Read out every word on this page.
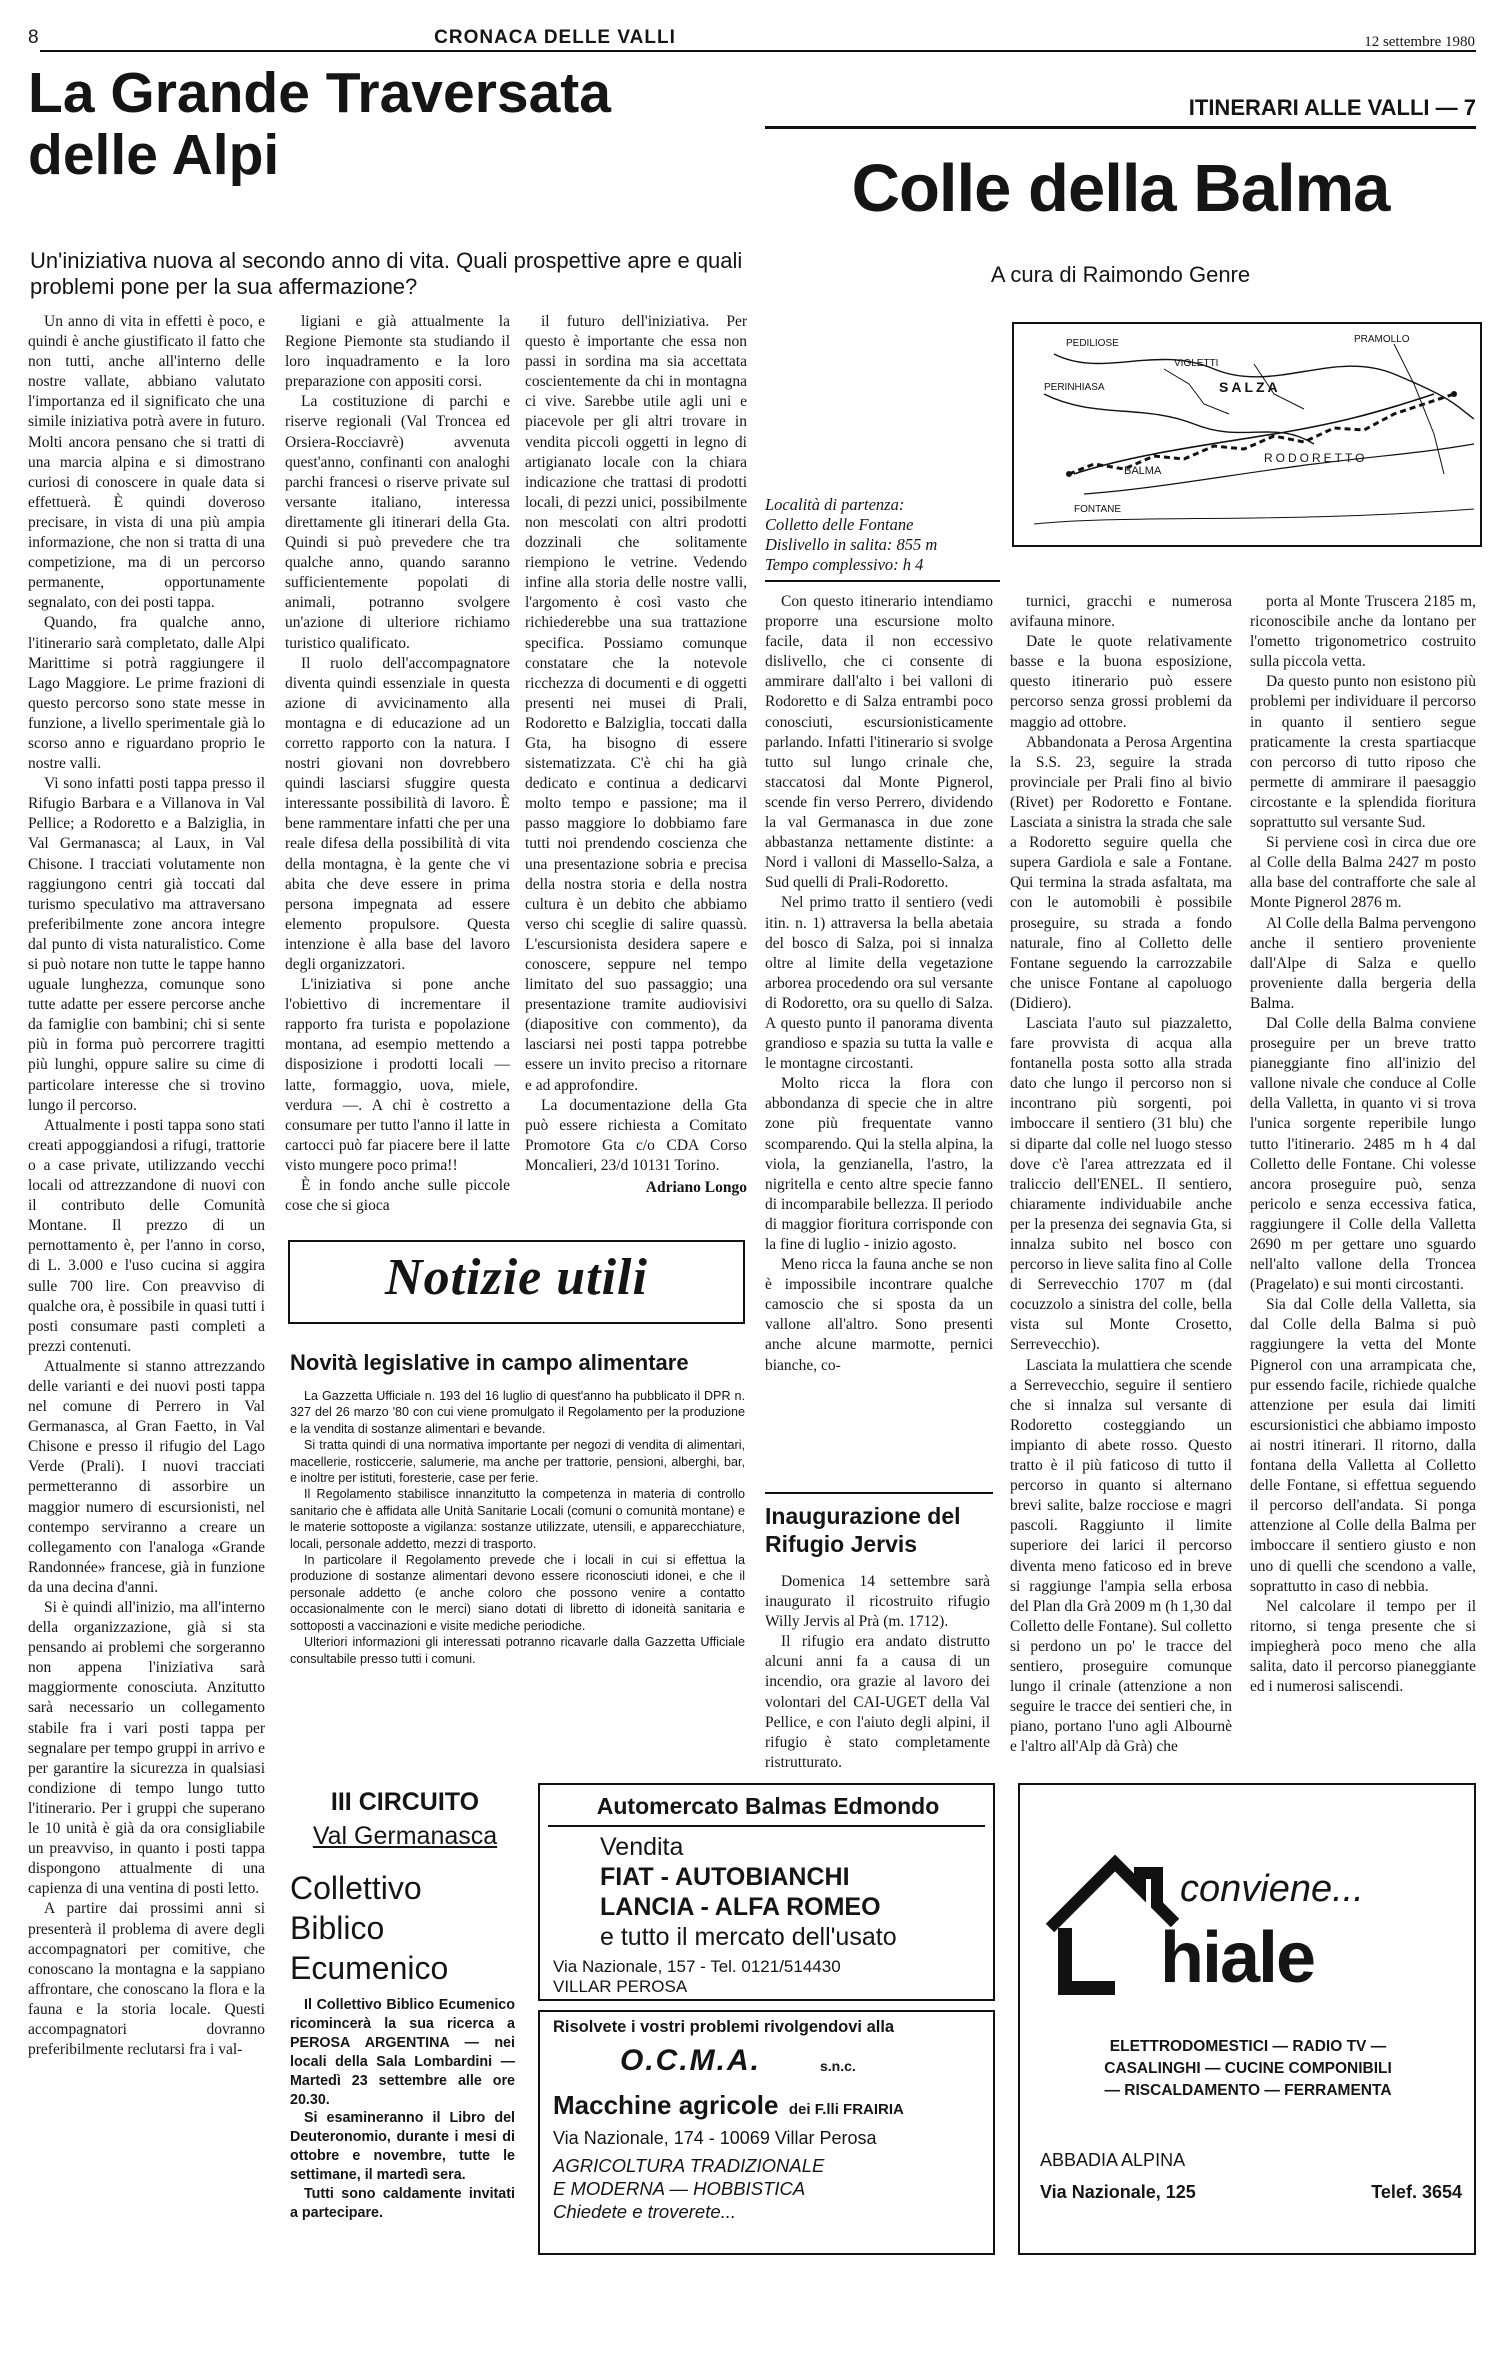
8	CRONACA DELLE VALLI	12 settembre 1980
La Grande Traversata
delle Alpi
Un'iniziativa nuova al secondo anno di vita. Quali prospettive apre e quali problemi pone per la sua affermazione?

Un anno di vita in effetti è poco, e quindi è anche giustificato il fatto che non tutti, anche all'interno delle nostre vallate, abbiano valutato l'importanza ed il significato che una simile iniziativa potrà avere in futuro. Molti ancora pensano che si tratti di una marcia alpina e si dimostrano curiosi di conoscere in quale data si effettuerà. È quindi doveroso precisare, in vista di una più ampia informazione, che non si tratta di una competizione, ma di un percorso permanente, opportunamente segnalato, con dei posti tappa.

Quando, fra qualche anno, l'itinerario sarà completato, dalle Alpi Marittime si potrà raggiungere il Lago Maggiore. Le prime frazioni di questo percorso sono state messe in funzione, a livello sperimentale già lo scorso anno e riguardano proprio le nostre valli.

Vi sono infatti posti tappa presso il Rifugio Barbara e a Villanova in Val Pellice; a Rodoretto e a Balziglia, in Val Germanasca; al Laux, in Val Chisone. I tracciati volutamente non raggiungono centri già toccati dal turismo speculativo ma attraversano preferibilmente zone ancora integre dal punto di vista naturalistico. Come si può notare non tutte le tappe hanno uguale lunghezza, comunque sono tutte adatte per essere percorse anche da famiglie con bambini; chi si sente più in forma può percorrere tragitti più lunghi, oppure salire su cime di particolare interesse che si trovino lungo il percorso.

Attualmente i posti tappa sono stati creati appoggiandosi a rifugi, trattorie o a case private, utilizzando vecchi locali od attrezzandone di nuovi con il contributo delle Comunità Montane. Il prezzo di un pernottamento è, per l'anno in corso, di L. 3.000 e l'uso cucina si aggira sulle 700 lire. Con preavviso di qualche ora, è possibile in quasi tutti i posti consumare pasti completi a prezzi contenuti.

Attualmente si stanno attrezzando delle varianti e dei nuovi posti tappa nel comune di Perrero in Val Germanasca, al Gran Faetto, in Val Chisone e presso il rifugio del Lago Verde (Prali). I nuovi tracciati permetteranno di assorbire un maggior numero di escursionisti, nel contempo serviranno a creare un collegamento con l'analoga «Grande Randonnée» francese, già in funzione da una decina d'anni.

Si è quindi all'inizio, ma all'interno della organizzazione, già si sta pensando ai problemi che sorgeranno non appena l'iniziativa sarà maggiormente conosciuta. Anzitutto sarà necessario un collegamento stabile fra i vari posti tappa per segnalare per tempo gruppi in arrivo e per garantire la sicurezza in qualsiasi condizione di tempo lungo tutto l'itinerario. Per i gruppi che superano le 10 unità è già da ora consigliabile un preavviso, in quanto i posti tappa dispongono attualmente di una capienza di una ventina di posti letto.

A partire dai prossimi anni si presenterà il problema di avere degli accompagnatori per comitive, che conoscano la montagna e la sappiano affrontare, che conoscano la flora e la fauna e la storia locale. Questi accompagnatori dovranno preferibilmente reclutarsi fra i val-

ligiani e già attualmente la Regione Piemonte sta studiando il loro inquadramento e la loro preparazione con appositi corsi.

La costituzione di parchi e riserve regionali (Val Troncea ed Orsiera-Rocciavrè) avvenuta quest'anno, confinanti con analoghi parchi francesi o riserve private sul versante italiano, interessa direttamente gli itinerari della Gta. Quindi si può prevedere che tra qualche anno, quando saranno sufficientemente popolati di animali, potranno svolgere un'azione di ulteriore richiamo turistico qualificato.

Il ruolo dell'accompagnatore diventa quindi essenziale in questa azione di avvicinamento alla montagna e di educazione ad un corretto rapporto con la natura. I nostri giovani non dovrebbero quindi lasciarsi sfuggire questa interessante possibilità di lavoro. È bene rammentare infatti che per una reale difesa della possibilità di vita della montagna, è la gente che vi abita che deve essere in prima persona impegnata ad essere elemento propulsore. Questa intenzione è alla base del lavoro degli organizzatori.

L'iniziativa si pone anche l'obiettivo di incrementare il rapporto fra turista e popolazione montana, ad esempio mettendo a disposizione i prodotti locali — latte, formaggio, uova, miele, verdura —. A chi è costretto a consumare per tutto l'anno il latte in cartocci può far piacere bere il latte visto mungere poco prima!!

È in fondo anche sulle piccole cose che si gioca

il futuro dell'iniziativa. Per questo è importante che essa non passi in sordina ma sia accettata coscientemente da chi in montagna ci vive. Sarebbe utile agli uni e piacevole per gli altri trovare in vendita piccoli oggetti in legno di artigianato locale con la chiara indicazione che trattasi di prodotti locali, di pezzi unici, possibilmente non mescolati con altri prodotti dozzinali che solitamente riempiono le vetrine. Vedendo infine alla storia delle nostre valli, l'argomento è così vasto che richiederebbe una sua trattazione specifica. Possiamo comunque constatare che la notevole ricchezza di documenti e di oggetti presenti nei musei di Prali, Rodoretto e Balziglia, toccati dalla Gta, ha bisogno di essere sistematizzata. C'è chi ha già dedicato e continua a dedicarvi molto tempo e passione; ma il passo maggiore lo dobbiamo fare tutti noi prendendo coscienza che una presentazione sobria e precisa della nostra storia e della nostra cultura è un debito che abbiamo verso chi sceglie di salire quassù. L'escursionista desidera sapere e conoscere, seppure nel tempo limitato del suo passaggio; una presentazione tramite audiovisivi (diapositive con commento), da lasciarsi nei posti tappa potrebbe essere un invito preciso a ritornare e ad approfondire.

La documentazione della Gta può essere richiesta a Comitato Promotore Gta c/o CDA Corso Moncalieri, 23/d 10131 Torino.

Adriano Longo
Notizie utili
Novità legislative in campo alimentare

La Gazzetta Ufficiale n. 193 del 16 luglio di quest'anno ha pubblicato il DPR n. 327 del 26 marzo '80 con cui viene promulgato il Regolamento per la produzione e la vendita di sostanze alimentari e bevande.

Si tratta quindi di una normativa importante per negozi di vendita di alimentari, macellerie, rosticcerie, salumerie, ma anche per trattorie, pensioni, alberghi, bar, e inoltre per istituti, foresterie, case per ferie.

Il Regolamento stabilisce innanzitutto la competenza in materia di controllo sanitario che è affidata alle Unità Sanitarie Locali (comuni o comunità montane) e le materie sottoposte a vigilanza: sostanze utilizzate, utensili, e apparecchiature, locali, personale addetto, mezzi di trasporto.

In particolare il Regolamento prevede che i locali in cui si effettua la produzione di sostanze alimentari devono essere riconosciuti idonei, e che il personale addetto (e anche coloro che possono venire a contatto occasionalmente con le merci) siano dotati di libretto di idoneità sanitaria e sottoposti a vaccinazioni e visite mediche periodiche.

Ulteriori informazioni gli interessati potranno ricavarle dalla Gazzetta Ufficiale consultabile presso tutti i comuni.

III CIRCUITO
Val Germanasca
Collettivo
Biblico
Ecumenico

Il Collettivo Biblico Ecumenico ricomincerà la sua ricerca a PEROSA ARGENTINA — nei locali della Sala Lombardini — Martedì 23 settembre alle ore 20.30.

Si esamineranno il Libro del Deuteronomio, durante i mesi di ottobre e novembre, tutte le settimane, il martedì sera.

Tutti sono caldamente invitati a partecipare.

Automercato Balmas Edmondo
Vendita
FIAT - AUTOBIANCHI
LANCIA - ALFA ROMEO
e tutto il mercato dell'usato
Via Nazionale, 157 - Tel. 0121/514430
VILLAR PEROSA
Risolvete i vostri problemi rivolgendovi alla
O.C.M.A.	s.n.c.
Macchine agricole dei F.lli FRAIRIA
Via Nazionale, 174 - 10069 Villar Perosa
AGRICOLTURA TRADIZIONALE
E MODERNA — HOBBISTICA
Chiedete e troverete...
ITINERARI ALLE VALLI — 7
Colle della Balma
A cura di Raimondo Genre
PEDILIOSE
PERINHIASA
VIGLETTI
SALZA
RODORETTO
BALMA
FONTANE
PRAMOLLO
Località di partenza:
Colletto delle Fontane
Dislivello in salita: 855 m
Tempo complessivo: h 4

Con questo itinerario intendiamo proporre una escursione molto facile, data il non eccessivo dislivello, che ci consente di ammirare dall'alto i bei valloni di Rodoretto e di Salza entrambi poco conosciuti, escursionisticamente parlando. Infatti l'itinerario si svolge tutto sul lungo crinale che, staccatosi dal Monte Pignerol, scende fin verso Perrero, dividendo la val Germanasca in due zone abbastanza nettamente distinte: a Nord i valloni di Massello-Salza, a Sud quelli di Prali-Rodoretto.

Nel primo tratto il sentiero (vedi itin. n. 1) attraversa la bella abetaia del bosco di Salza, poi si innalza oltre al limite della vegetazione arborea procedendo ora sul versante di Rodoretto, ora su quello di Salza. A questo punto il panorama diventa grandioso e spazia su tutta la valle e le montagne circostanti.

Molto ricca la flora con abbondanza di specie che in altre zone più frequentate vanno scomparendo. Qui la stella alpina, la viola, la genzianella, l'astro, la nigritella e cento altre specie fanno di incomparabile bellezza. Il periodo di maggior fioritura corrisponde con la fine di luglio - inizio agosto.

Meno ricca la fauna anche se non è impossibile incontrare qualche camoscio che si sposta da un vallone all'altro. Sono presenti anche alcune marmotte, pernici bianche, co-

turnici, gracchi e numerosa avifauna minore.

Date le quote relativamente basse e la buona esposizione, questo itinerario può essere percorso senza grossi problemi da maggio ad ottobre.

Abbandonata a Perosa Argentina la S.S. 23, seguire la strada provinciale per Prali fino al bivio (Rivet) per Rodoretto e Fontane. Lasciata a sinistra la strada che sale a Rodoretto seguire quella che supera Gardiola e sale a Fontane. Qui termina la strada asfaltata, ma con le automobili è possibile proseguire, su strada a fondo naturale, fino al Colletto delle Fontane seguendo la carrozzabile che unisce Fontane al capoluogo (Didiero).

Lasciata l'auto sul piazzaletto, fare provvista di acqua alla fontanella posta sotto alla strada dato che lungo il percorso non si incontrano più sorgenti, poi imboccare il sentiero (31 blu) che si diparte dal colle nel luogo stesso dove c'è l'area attrezzata ed il traliccio dell'ENEL. Il sentiero, chiaramente individuabile anche per la presenza dei segnavia Gta, si innalza subito nel bosco con percorso in lieve salita fino al Colle di Serrevecchio 1707 m (dal cocuzzolo a sinistra del colle, bella vista sul Monte Crosetto, Serrevecchio).

Lasciata la mulattiera che scende a Serrevecchio, seguire il sentiero che si innalza sul versante di Rodoretto costeggiando un impianto di abete rosso. Questo tratto è il più faticoso di tutto il percorso in quanto si alternano brevi salite, balze rocciose e magri pascoli. Raggiunto il limite superiore dei larici il percorso diventa meno faticoso ed in breve si raggiunge l'ampia sella erbosa del Plan dla Grà 2009 m (h 1,30 dal Colletto delle Fontane). Sul colletto si perdono un po' le tracce del sentiero, proseguire comunque lungo il crinale (attenzione a non seguire le tracce dei sentieri che, in piano, portano l'uno agli Albournè e l'altro all'Alp dà Grà) che

porta al Monte Truscera 2185 m, riconoscibile anche da lontano per l'ometto trigonometrico costruito sulla piccola vetta.

Da questo punto non esistono più problemi per individuare il percorso in quanto il sentiero segue praticamente la cresta spartiacque con percorso di tutto riposo che permette di ammirare il paesaggio circostante e la splendida fioritura soprattutto sul versante Sud.

Si perviene così in circa due ore al Colle della Balma 2427 m posto alla base del contrafforte che sale al Monte Pignerol 2876 m.

Al Colle della Balma pervengono anche il sentiero proveniente dall'Alpe di Salza e quello proveniente dalla bergeria della Balma.

Dal Colle della Balma conviene proseguire per un breve tratto pianeggiante fino all'inizio del vallone nivale che conduce al Colle della Valletta, in quanto vi si trova l'unica sorgente reperibile lungo tutto l'itinerario. 2485 m h 4 dal Colletto delle Fontane. Chi volesse ancora proseguire può, senza pericolo e senza eccessiva fatica, raggiungere il Colle della Valletta 2690 m per gettare uno sguardo nell'alto vallone della Troncea (Pragelato) e sui monti circostanti.

Sia dal Colle della Valletta, sia dal Colle della Balma si può raggiungere la vetta del Monte Pignerol con una arrampicata che, pur essendo facile, richiede qualche attenzione per esula dai limiti escursionistici che abbiamo imposto ai nostri itinerari. Il ritorno, dalla fontana della Valletta al Colletto delle Fontane, si effettua seguendo il percorso dell'andata. Si ponga attenzione al Colle della Balma per imboccare il sentiero giusto e non uno di quelli che scendono a valle, soprattutto in caso di nebbia.

Nel calcolare il tempo per il ritorno, si tenga presente che si impiegherà poco meno che alla salita, dato il percorso pianeggiante ed i numerosi saliscendi.

Inaugurazione del
Rifugio Jervis

Domenica 14 settembre sarà inaugurato il ricostruito rifugio Willy Jervis al Prà (m. 1712).

Il rifugio era andato distrutto alcuni anni fa a causa di un incendio, ora grazie al lavoro dei volontari del CAI-UGET della Val Pellice, e con l'aiuto degli alpini, il rifugio è stato completamente ristrutturato.

conviene...
hiale
ELETTRODOMESTICI — RADIO TV —
CASALINGHI — CUCINE COMPONIBILI
— RISCALDAMENTO — FERRAMENTA
ABBADIA ALPINA
Via Nazionale, 125	Telef. 3654
